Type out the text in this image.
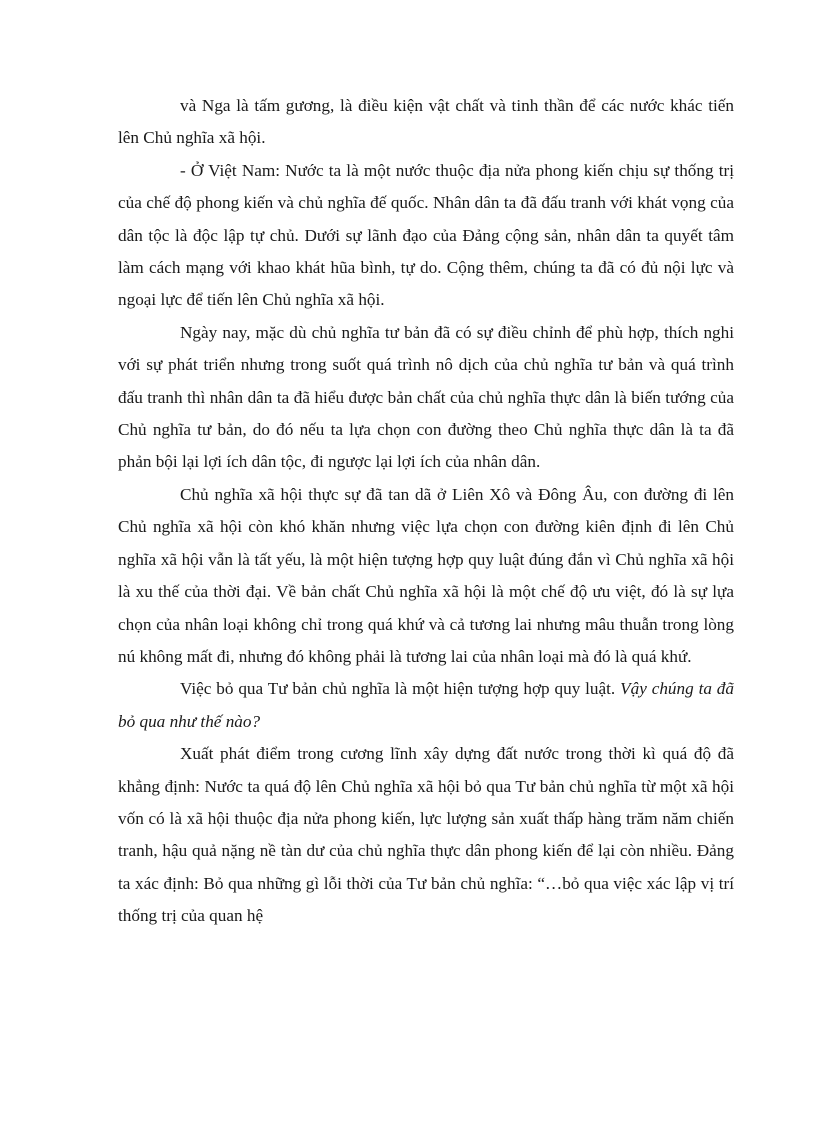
và Nga là tấm gương, là điều kiện vật chất và tinh thần để các nước khác tiến lên Chủ nghĩa xã hội.

- Ở Việt Nam: Nước ta là một nước thuộc địa nửa phong kiến chịu sự thống trị của chế độ phong kiến và chủ nghĩa đế quốc. Nhân dân ta đã đấu tranh với khát vọng của dân tộc là độc lập tự chủ. Dưới sự lãnh đạo của Đảng cộng sản, nhân dân ta quyết tâm làm cách mạng với khao khát hũa bình, tự do. Cộng thêm, chúng ta đã có đủ nội lực và ngoại lực để tiến lên Chủ nghĩa xã hội.

Ngày nay, mặc dù chủ nghĩa tư bản đã có sự điều chỉnh để phù hợp, thích nghi với sự phát triển nhưng trong suốt quá trình nô dịch của chủ nghĩa tư bản và quá trình đấu tranh thì nhân dân ta đã hiểu được bản chất của chủ nghĩa thực dân là biến tướng của Chủ nghĩa tư bản, do đó nếu ta lựa chọn con đường theo Chủ nghĩa thực dân là ta đã phản bội lại lợi ích dân tộc, đi ngược lại lợi ích của nhân dân.

Chủ nghĩa xã hội thực sự đã tan dã ở Liên Xô và Đông Âu, con đường đi lên Chủ nghĩa xã hội còn khó khăn nhưng việc lựa chọn con đường kiên định đi lên Chủ nghĩa xã hội vẫn là tất yếu, là một hiện tượng hợp quy luật đúng đắn vì Chủ nghĩa xã hội là xu thế của thời đại. Về bản chất Chủ nghĩa xã hội là một chế độ ưu việt, đó là sự lựa chọn của nhân loại không chỉ trong quá khứ và cả tương lai nhưng mâu thuẫn trong lòng nú không mất đi, nhưng đó không phải là tương lai của nhân loại mà đó là quá khứ.

Việc bỏ qua Tư bản chủ nghĩa là một hiện tượng hợp quy luật. Vậy chúng ta đã bỏ qua như thế nào?

Xuất phát điểm trong cương lĩnh xây dựng đất nước trong thời kì quá độ đã khẳng định: Nước ta quá độ lên Chủ nghĩa xã hội bỏ qua Tư bản chủ nghĩa từ một xã hội vốn có là xã hội thuộc địa nửa phong kiến, lực lượng sản xuất thấp hàng trăm năm chiến tranh, hậu quả nặng nề tàn dư của chủ nghĩa thực dân phong kiến để lại còn nhiều. Đảng ta xác định: Bỏ qua những gì lỗi thời của Tư bản chủ nghĩa: “…bỏ qua việc xác lập vị trí thống trị của quan hệ
